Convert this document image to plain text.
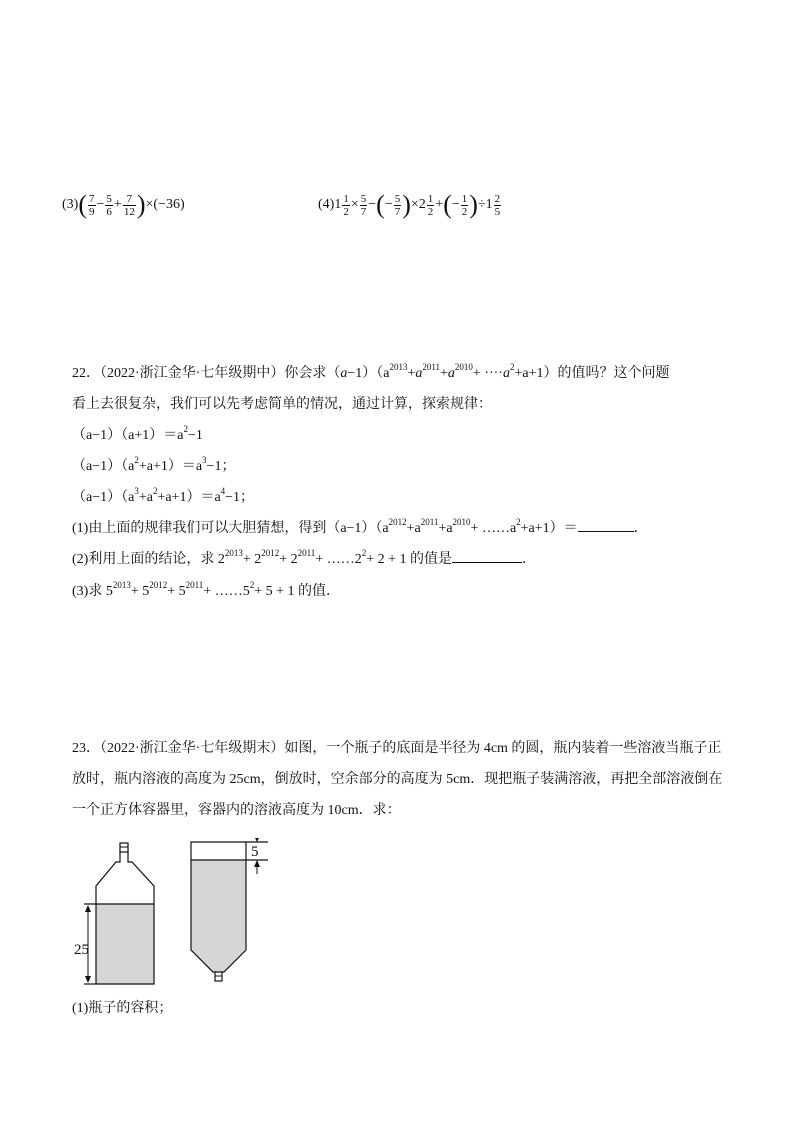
$(3)( \frac{7}{9} - \frac{5}{6} + \frac{7}{12} )\times(-36)$	$(4)1 \frac{1}{2} \times \frac{5}{7}$ −(− $\frac{5}{7} )\times 2 \frac{1}{2}$ +(− $\frac{1}{2} )\div 1 \frac{2}{5}$
22．（2022·浙江金华·七年级期中）你会求$(a-1)(a^{2013}+a^{2011}+a^{2010}+ \cdot\cdot\cdot\cdot a^2+a+1)$的值吗？这个问题
看上去很复杂，我们可以先考虑简单的情况，通过计算，探索规律：
$(a-1)(a+1)=a^2-1$
$(a-1)(a^2+a+1)=a^3-1$；
$(a-1)(a^3+a^2+a+1)=a^4-1$；
(1)由上面的规律我们可以大胆猜想，得到$(a-1)(a^{2012}+a^{2011}+a^{2010}+$ $\dots\dots a^2+a+1)=$	．
(2)利用上面的结论，求 $2^{2013}+ 2^{2012}+ 2^{2011}+$ $\dots\dots 2^2+ 2 + 1$ 的值是	．
(3)求 $5^{2013}+ 5^{2012}+ 5^{2011}+$ $\dots\dots 5^2+ 5 + 1$ 的值．
23．（2022·浙江金华·七年级期末）如图，一个瓶子的底面是半径为 4cm 的圆，瓶内装着一些溶液当瓶子正
放时，瓶内溶液的高度为 25cm，倒放时，空余部分的高度为 5cm．现把瓶子装满溶液，再把全部溶液倒在
一个正方体容器里，容器内的溶液高度为 10cm．求：
25
5
(1)瓶子的容积；
